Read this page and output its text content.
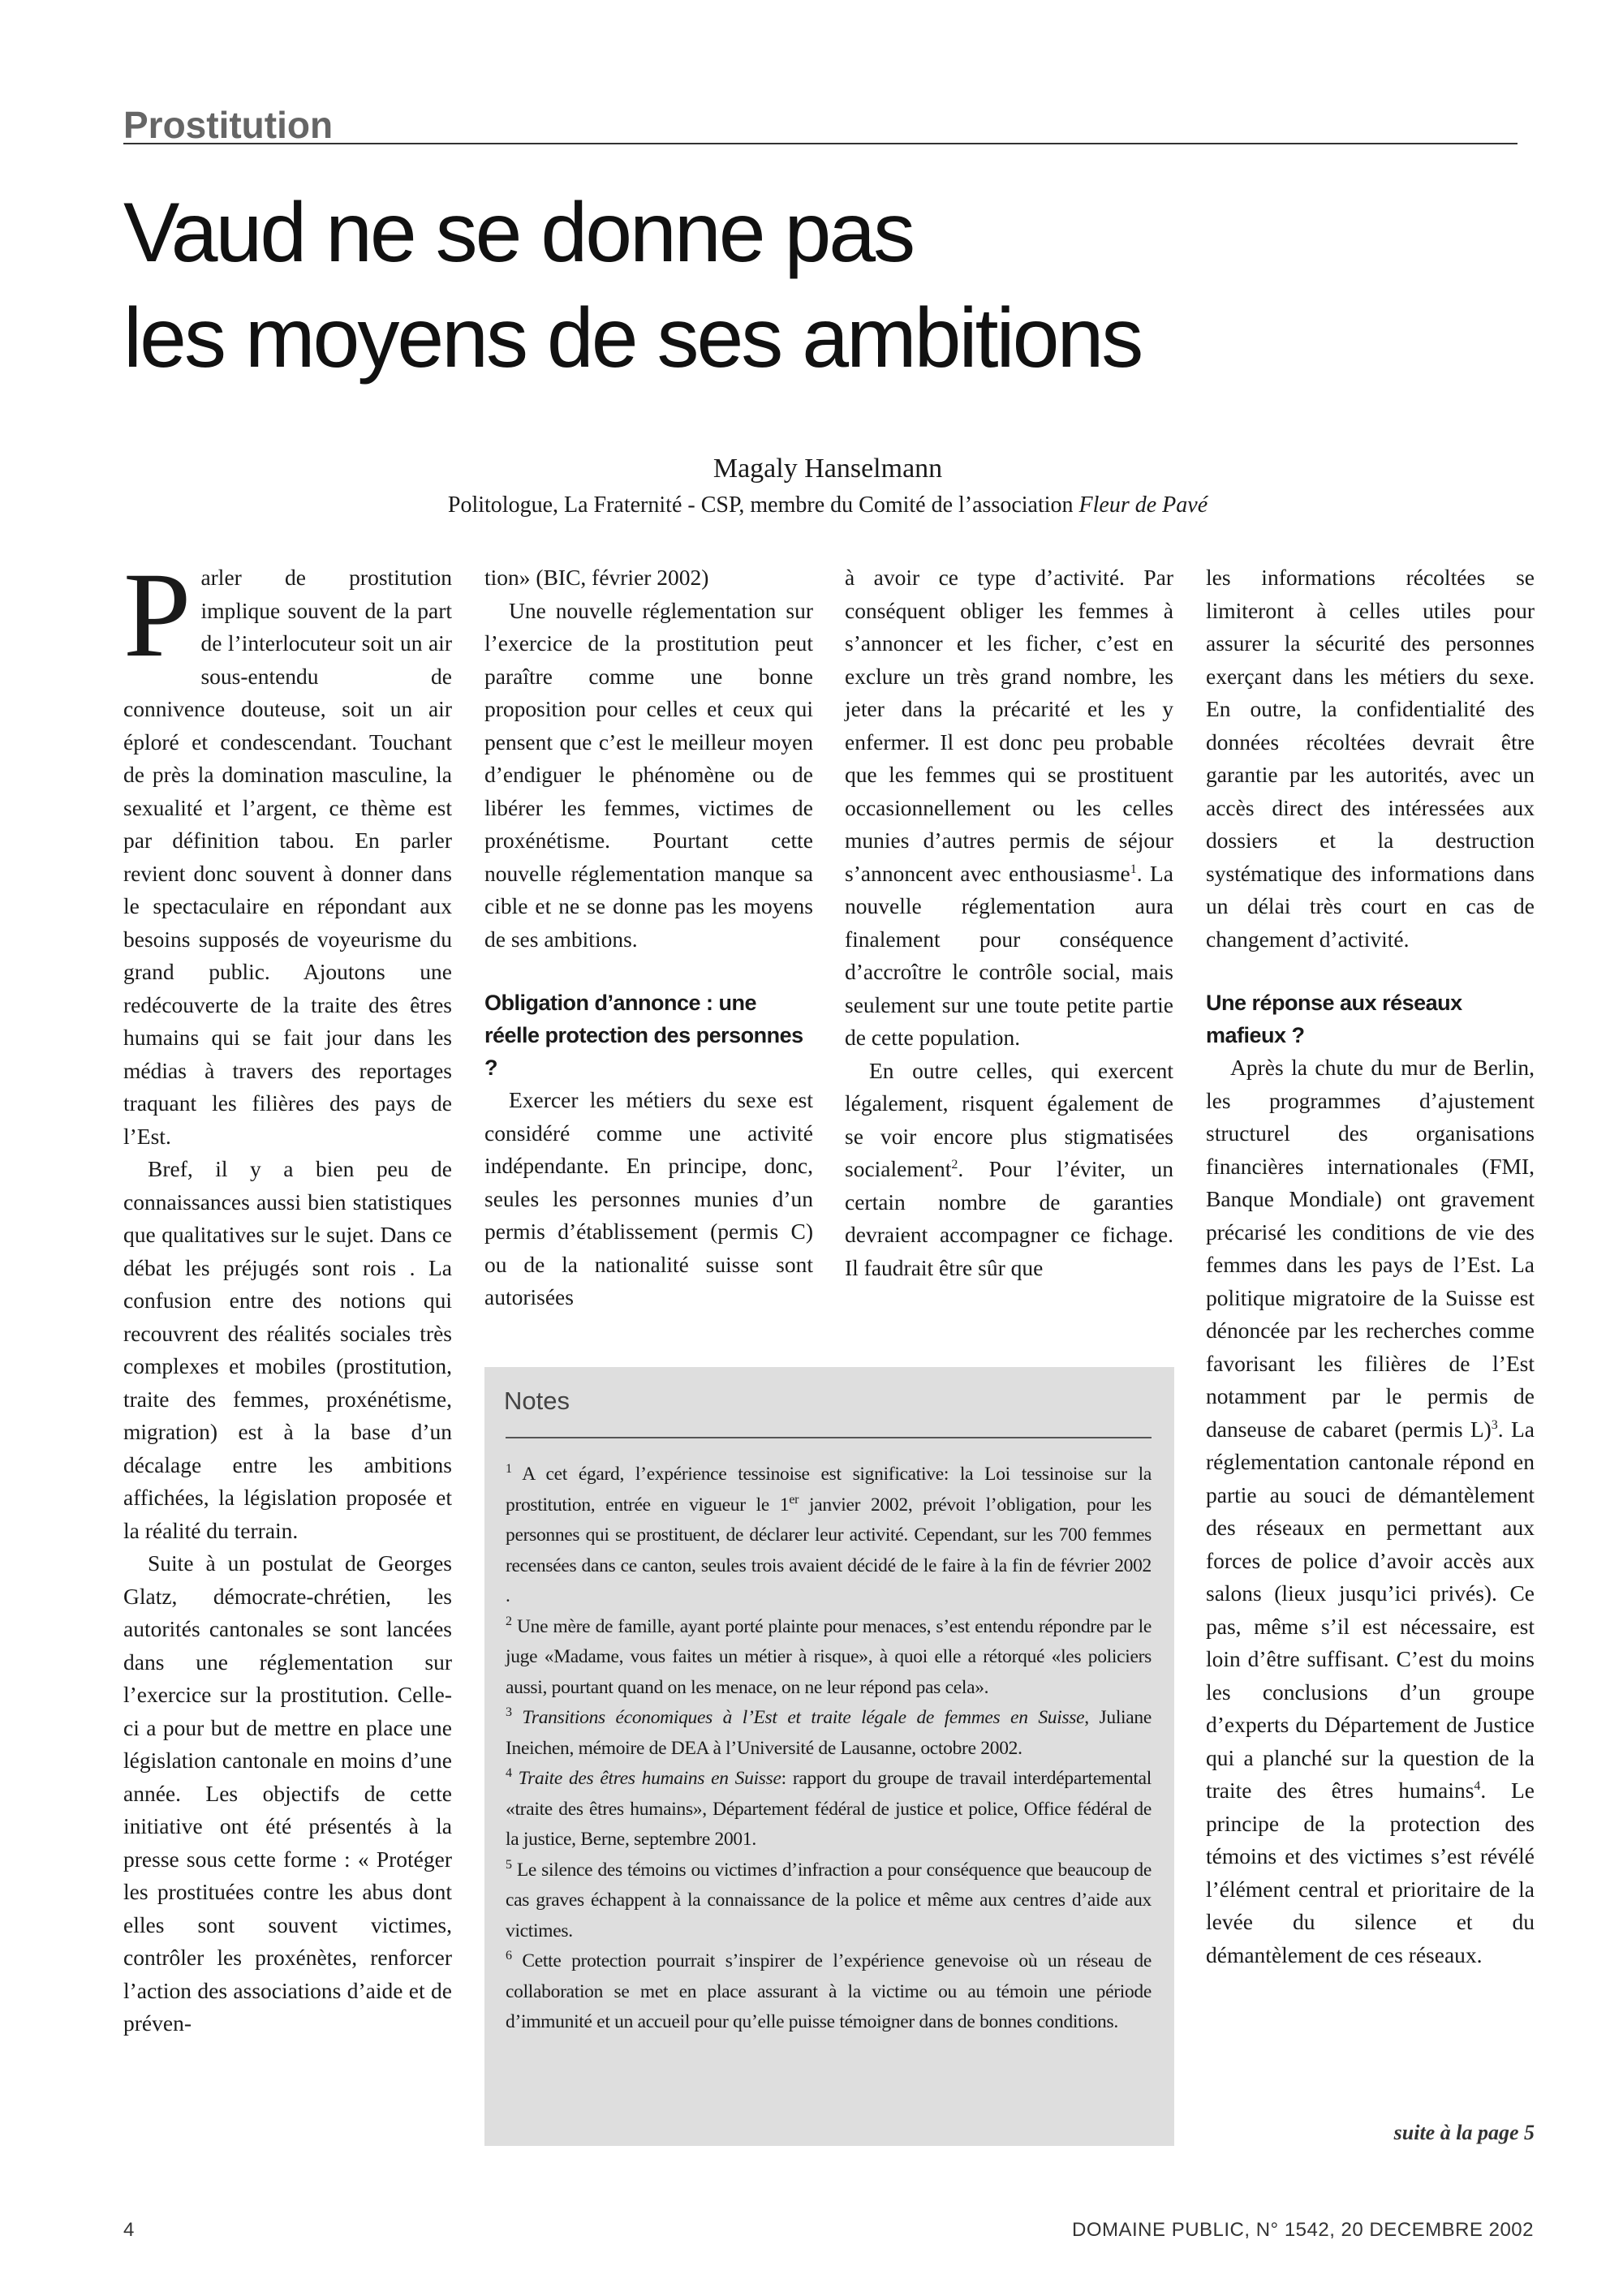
Prostitution
Vaud ne se donne pas
les moyens de ses ambitions
Magaly Hanselmann
Politologue, La Fraternité - CSP, membre du Comité de l’association Fleur de Pavé

Parler de prostitution implique souvent de la part de l’interlocuteur soit un air sous-entendu de connivence douteuse, soit un air éploré et condescendant. Touchant de près la domination masculine, la sexualité et l’argent, ce thème est par définition tabou. En parler revient donc souvent à donner dans le spectaculaire en répondant aux besoins supposés de voyeurisme du grand public. Ajoutons une redécouverte de la traite des êtres humains qui se fait jour dans les médias à travers des reportages traquant les filières des pays de l’Est.

Bref, il y a bien peu de connaissances aussi bien statistiques que qualitatives sur le sujet. Dans ce débat les préjugés sont rois . La confusion entre des notions qui recouvrent des réalités sociales très complexes et mobiles (prostitution, traite des femmes, proxénétisme, migration) est à la base d’un décalage entre les ambitions affichées, la législation proposée et la réalité du terrain.

Suite à un postulat de Georges Glatz, démocrate-chrétien, les autorités cantonales se sont lancées dans une réglementation sur l’exercice sur la prostitution. Celle-ci a pour but de mettre en place une législation cantonale en moins d’une année. Les objectifs de cette initiative ont été présentés à la presse sous cette forme : « Protéger les prostituées contre les abus dont elles sont souvent victimes, contrôler les proxénètes, renforcer l’action des associations d’aide et de préven-

tion» (BIC, février 2002)

Une nouvelle réglementation sur l’exercice de la prostitution peut paraître comme une bonne proposition pour celles et ceux qui pensent que c’est le meilleur moyen d’endiguer le phénomène ou de libérer les femmes, victimes de proxénétisme. Pourtant cette nouvelle réglementation manque sa cible et ne se donne pas les moyens de ses ambitions.

Obligation d’annonce : une réelle protection des personnes ?

Exercer les métiers du sexe est considéré comme une activité indépendante. En principe, donc, seules les personnes munies d’un permis d’établissement (permis C) ou de la nationalité suisse sont autorisées

à avoir ce type d’activité. Par conséquent obliger les femmes à s’annoncer et les ficher, c’est en exclure un très grand nombre, les jeter dans la précarité et les y enfermer. Il est donc peu probable que les femmes qui se prostituent occasionnellement ou les celles munies d’autres permis de séjour s’annoncent avec enthousiasme$^1$. La nouvelle réglementation aura finalement pour conséquence d’accroître le contrôle social, mais seulement sur une toute petite partie de cette population.

En outre celles, qui exercent légalement, risquent également de se voir encore plus stigmatisées socialement$^2$. Pour l’éviter, un certain nombre de garanties devraient accompagner ce fichage. Il faudrait être sûr que

les informations récoltées se limiteront à celles utiles pour assurer la sécurité des personnes exerçant dans les métiers du sexe. En outre, la confidentialité des données récoltées devrait être garantie par les autorités, avec un accès direct des intéressées aux dossiers et la destruction systématique des informations dans un délai très court en cas de changement d’activité.

Une réponse aux réseaux mafieux ?

Après la chute du mur de Berlin, les programmes d’ajustement structurel des organisations financières internationales (FMI, Banque Mondiale) ont gravement précarisé les conditions de vie des femmes dans les pays de l’Est. La politique migratoire de la Suisse est dénoncée par les recherches comme favorisant les filières de l’Est notamment par le permis de danseuse de cabaret (permis L)$^3$. La réglementation cantonale répond en partie au souci de démantèlement des réseaux en permettant aux forces de police d’avoir accès aux salons (lieux jusqu’ici privés). Ce pas, même s’il est nécessaire, est loin d’être suffisant. C’est du moins les conclusions d’un groupe d’experts du Département de Justice qui a planché sur la question de la traite des êtres humains$^4$. Le principe de la protection des témoins et des victimes s’est révélé l’élément central et prioritaire de la levée du silence et du démantèlement de ces réseaux.

Notes
$^1$ A cet égard, l’expérience tessinoise est significative: la Loi tessinoise sur la prostitution, entrée en vigueur le 1er janvier 2002, prévoit l’obligation, pour les personnes qui se prostituent, de déclarer leur activité. Cependant, sur les 700 femmes recensées dans ce canton, seules trois avaient décidé de le faire à la fin de février 2002 .
$^2$ Une mère de famille, ayant porté plainte pour menaces, s’est entendu répondre par le juge «Madame, vous faites un métier à risque», à quoi elle a rétorqué «les policiers aussi, pourtant quand on les menace, on ne leur répond pas cela».
$^3$ Transitions économiques à l’Est et traite légale de femmes en Suisse, Juliane Ineichen, mémoire de DEA à l’Université de Lausanne, octobre 2002.
$^4$ Traite des êtres humains en Suisse: rapport du groupe de travail interdépartemental «traite des êtres humains», Département fédéral de justice et police, Office fédéral de la justice, Berne, septembre 2001.
$^5$ Le silence des témoins ou victimes d’infraction a pour conséquence que beaucoup de cas graves échappent à la connaissance de la police et même aux centres d’aide aux victimes.
$^6$ Cette protection pourrait s’inspirer de l’expérience genevoise où un réseau de collaboration se met en place assurant à la victime ou au témoin une période d’immunité et un accueil pour qu’elle puisse témoigner dans de bonnes conditions.
suite à la page 5
4	DOMAINE PUBLIC, N° 1542, 20 DECEMBRE 2002
